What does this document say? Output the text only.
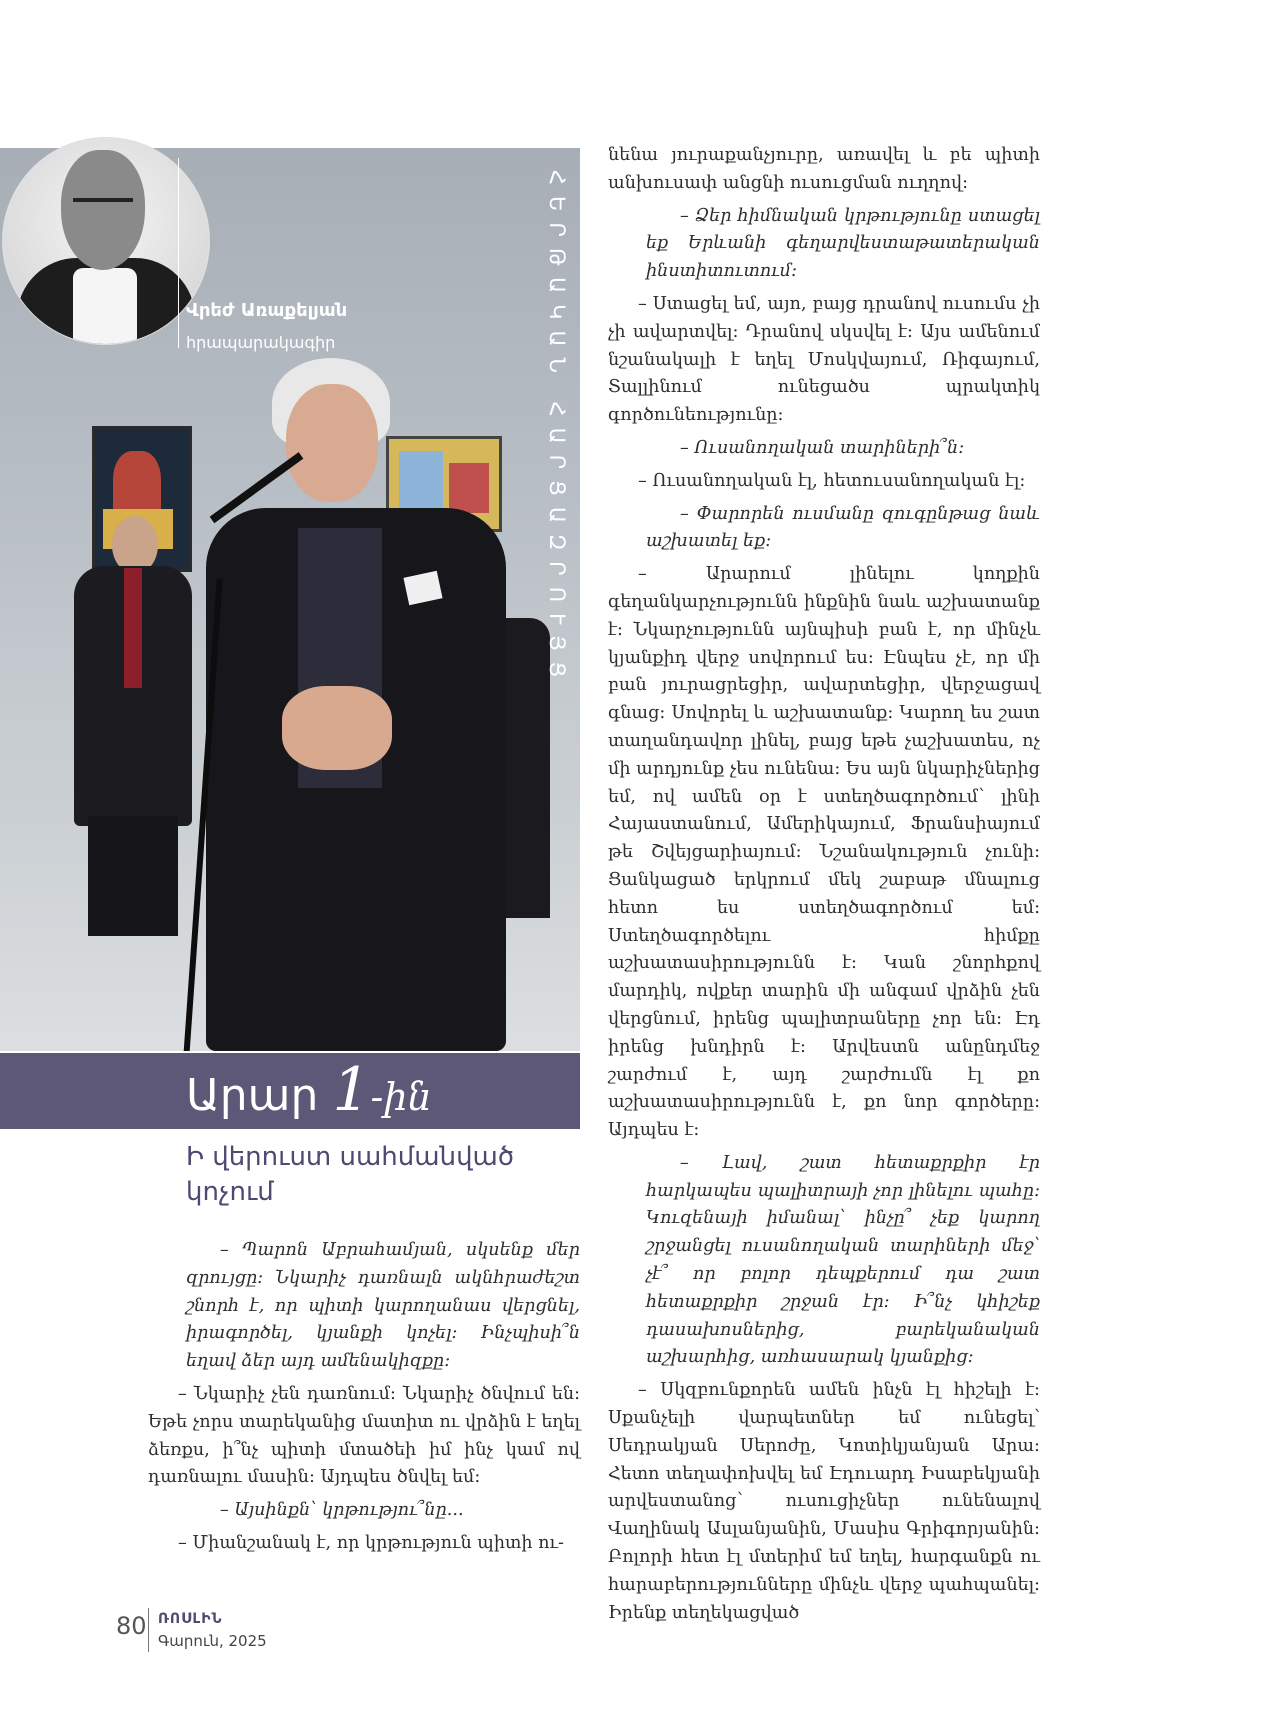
ՀԵՐԹԱԿԱՆ ՀԱՐՑԱԶՐՈՒՅՑ
Վրեժ Առաքելյան
հրապարակագիր
Արար 1-ին
Ի վերուստ սահմանված կոչում

– Պարոն Աբրահամյան, սկսենք մեր զրույցը: Նկարիչ դառնալն ակնհրաժեշտ շնորհ է, որ պիտի կարողանաս վերցնել, իրագործել, կյանքի կոչել: Ինչպիսի՞ն եղավ ձեր այդ ամենակիզքը:

– Նկարիչ չեն դառնում: Նկարիչ ծնվում են: Եթե չորս տարեկանից մատիտ ու վրձին է եղել ձեռքս, ի՞նչ պիտի մտածեի իմ ինչ կամ ով դառնալու մասին: Այդպես ծնվել եմ:

– Այսինքն՝ կրթությու՞նը...

– Միանշանակ է, որ կրթություն պիտի ու-

նենա յուրաքանչյուրը, առավել և բե պիտի անխուսափ անցնի ուսուցման ուղղով:

– Ձեր հիմնական կրթությունը ստացել եք Երևանի գեղարվեստաթատերական ինստիտուտում:

– Ստացել եմ, այո, բայց դրանով ուսումս չի չի ավարտվել: Դրանով սկսվել է: Այս ամենում նշանակալի է եղել Մոսկվայում, Ռիգայում, Տալլինում ունեցածս պրակտիկ գործունեությունը:

– Ուսանողական տարիների՞ն:

– Ուսանողական էլ, հետուսանողական էլ:

– Փարորեն ուսմանը զուգընթաց նաև աշխատել եք:

– Արարում լինելու կողքին գեղանկարչությունն ինքնին նաև աշխատանք է: Նկարչությունն այնպիսի բան է, որ մինչև կյանքիդ վերջ սովորում ես: Էնպես չէ, որ մի բան յուրացրեցիր, ավարտեցիր, վերջացավ գնաց: Սովորել և աշխատանք: Կարող ես շատ տաղանդավոր լինել, բայց եթե չաշխատես, ոչ մի արդյունք չես ունենա: Ես այն նկարիչներից եմ, ով ամեն օր է ստեղծագործում՝ լինի Հայաստանում, Ամերիկայում, Ֆրանսիայում թե Շվեյցարիայում: Նշանակություն չունի: Ցանկացած երկրում մեկ շաբաթ մնալուց հետո ես ստեղծագործում եմ: Ստեղծագործելու հիմքը աշխատասիրությունն է: Կան շնորհքով մարդիկ, ովքեր տարին մի անգամ վրձին չեն վերցնում, իրենց պալիտրաները չոր են: Էդ իրենց խնդիրն է: Արվեստն անընդմեջ շարժում է, այդ շարժումն էլ քո աշխատասիրությունն է, քո նոր գործերը: Այդպես է:

– Լավ, շատ հետաքրքիր էր հարկապես պալիտրայի չոր լինելու պահը: Կուզենայի իմանալ՝ ինչը՞ չեք կարող շրջանցել ուսանողական տարիների մեջ՝ չէ՞ որ բոլոր դեպքերում դա շատ հետաքրքիր շրջան էր: Ի՞նչ կհիշեք դասախոսներից, բարեկանական աշխարհից, առհասարակ կյանքից:

– Սկզբունքորեն ամեն ինչն էլ հիշելի է: Սքանչելի վարպետներ եմ ունեցել՝ Սեդրակյան Սերոժը, Կոտիկյանյան Արա: Հետո տեղափոխվել եմ Էդուարդ Իսաբեկյանի արվեստանոց՝ ուսուցիչներ ունենալով Վաղինակ Ասլանյանին, Մասիս Գրիգորյանին: Բոլորի հետ էլ մտերիմ եմ եղել, հարգանքն ու հարաբերությունները մինչև վերջ պահպանել: Իրենք տեղեկացված

80 ՌՈՍԼԻՆ
Գարուն, 2025
